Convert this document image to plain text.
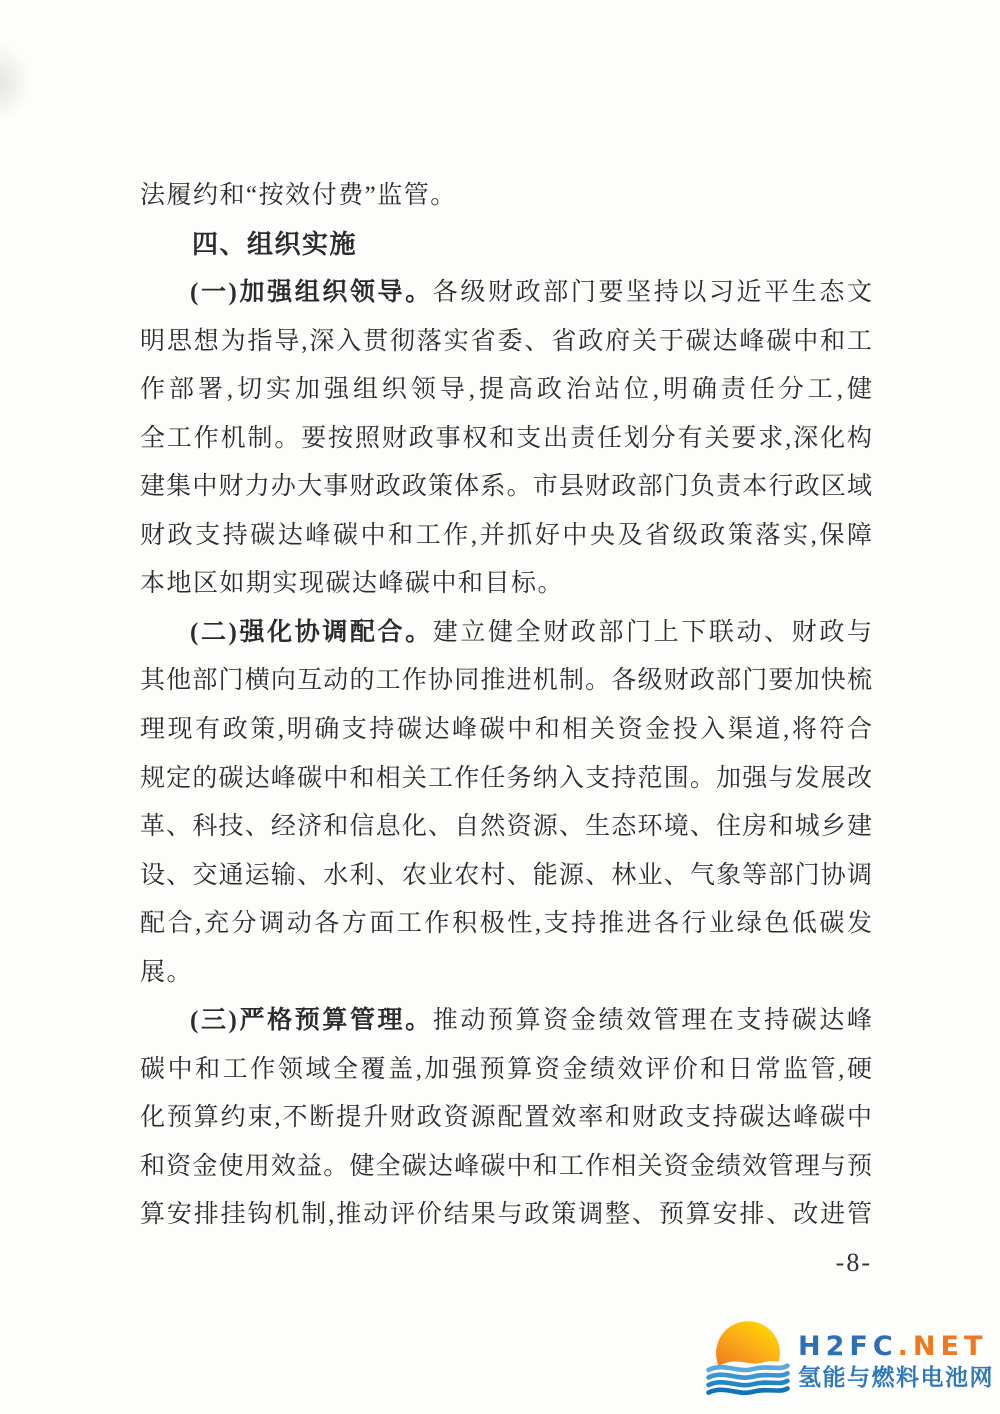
法履约和“按效付费”监管。
四、组织实施
(一)加强组织领导。各级财政部门要坚持以习近平生态文
明思想为指导,深入贯彻落实省委、省政府关于碳达峰碳中和工
作部署,切实加强组织领导,提高政治站位,明确责任分工,健
全工作机制。要按照财政事权和支出责任划分有关要求,深化构
建集中财力办大事财政政策体系。市县财政部门负责本行政区域
财政支持碳达峰碳中和工作,并抓好中央及省级政策落实,保障
本地区如期实现碳达峰碳中和目标。
(二)强化协调配合。建立健全财政部门上下联动、财政与
其他部门横向互动的工作协同推进机制。各级财政部门要加快梳
理现有政策,明确支持碳达峰碳中和相关资金投入渠道,将符合
规定的碳达峰碳中和相关工作任务纳入支持范围。加强与发展改
革、科技、经济和信息化、自然资源、生态环境、住房和城乡建
设、交通运输、水利、农业农村、能源、林业、气象等部门协调
配合,充分调动各方面工作积极性,支持推进各行业绿色低碳发
展。
(三)严格预算管理。推动预算资金绩效管理在支持碳达峰
碳中和工作领域全覆盖,加强预算资金绩效评价和日常监管,硬
化预算约束,不断提升财政资源配置效率和财政支持碳达峰碳中
和资金使用效益。健全碳达峰碳中和工作相关资金绩效管理与预
算安排挂钩机制,推动评价结果与政策调整、预算安排、改进管
-8-
H2FC.NET
氢能与燃料电池网
